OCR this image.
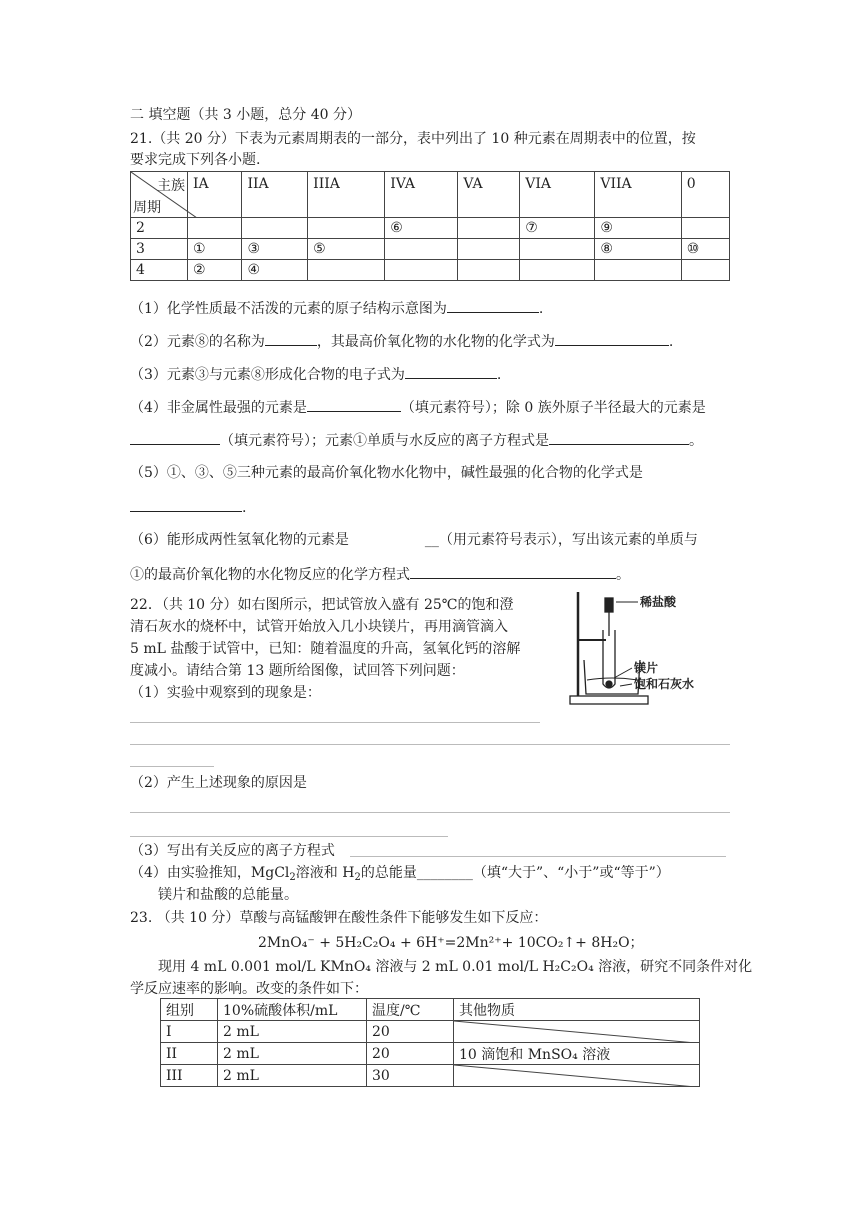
二 填空题（共 3 小题，总分 40 分）
21.（共 20 分）下表为元素周期表的一部分，表中列出了 10 种元素在周期表中的位置，按
要求完成下列各小题.
主族
周期	IA	IIA	IIIA	IVA	VA	VIA	VIIA	0
2				⑥		⑦	⑨	
3	①	③	⑤				⑧	⑩
4	②	④						
（1）化学性质最不活泼的元素的原子结构示意图为	.
（2）元素⑧的名称为	，其最高价氧化物的水化物的化学式为	.
（3）元素③与元素⑧形成化合物的电子式为	.
（4）非金属性最强的元素是	（填元素符号）；除 0 族外原子半径最大的元素是
（填元素符号）；元素①单质与水反应的离子方程式是	。
（5）①、③、⑤三种元素的最高价氧化物水化物中，碱性最强的化合物的化学式是
.
（6）能形成两性氢氧化物的元素是	__（用元素符号表示），写出该元素的单质与
①的最高价氧化物的水化物反应的化学方程式	。
22．（共 10 分）如右图所示，把试管放入盛有 25℃的饱和澄
清石灰水的烧杯中，试管开始放入几小块镁片，再用滴管滴入
5 mL 盐酸于试管中，已知：随着温度的升高，氢氧化钙的溶解
度减小。请结合第 13 题所给图像，试回答下列问题：
（1）实验中观察到的现象是：
稀盐酸
镁片
饱和石灰水
（2）产生上述现象的原因是
（3）写出有关反应的离子方程式
（4）由实验推知，MgCl$_2$溶液和 $H_2$的总能量________（填“大于”、“小于”或“等于”）
镁片和盐酸的总能量。
23. （共 10 分）草酸与高锰酸钾在酸性条件下能够发生如下反应：
2MnO₄⁻ + 5H₂C₂O₄ + 6H⁺=2Mn²⁺+ 10CO₂↑+ 8H₂O；
现用 4 mL 0.001 mol/L KMnO₄ 溶液与 2 mL 0.01 mol/L H₂C₂O₄ 溶液，研究不同条件对化
学反应速率的影响。改变的条件如下：
组别	10%硫酸体积/mL	温度/℃	其他物质
I	2 mL	20	

II	2 mL	20	10 滴饱和 MnSO₄ 溶液
III	2 mL	30	
